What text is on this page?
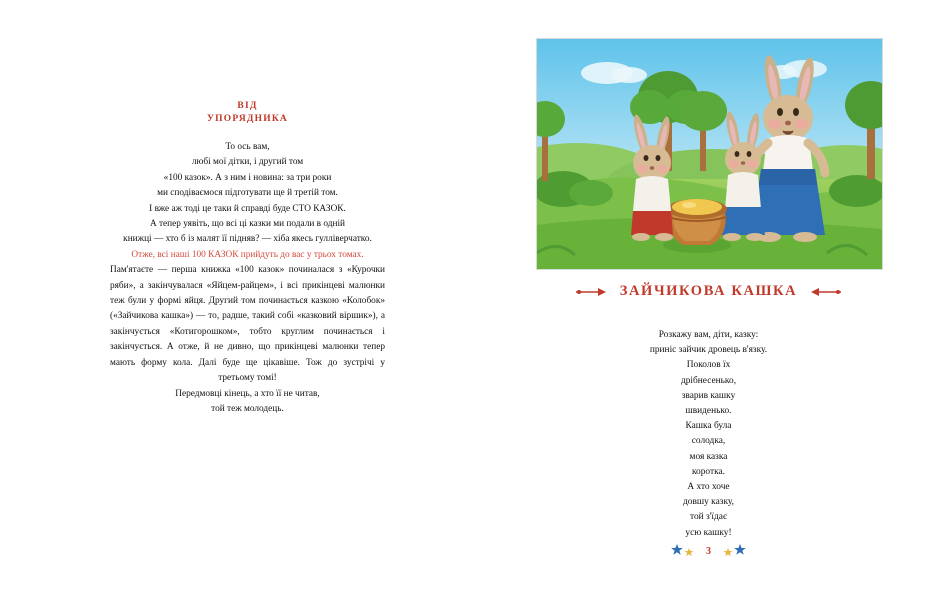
ВІД
УПОРЯДНИКА

То ось вам,

любі мої дітки, і другий том

«100 казок». А з ним і новина: за три роки

ми сподіваємося підготувати ще й третій том.

І вже аж тоді це таки й справді буде СТО КАЗОК.

А тепер уявіть, що всі ці казки ми подали в одній

книжці — хто б із малят її підняв? — хіба якесь гулліверчатко.

Отже, всі наші 100 КАЗОК прийдуть до вас у трьох томах.

Пам'ятаєте — перша книжка «100 казок» починалася з «Курочки ряби», а закінчувалася «Яйцем-райцем», і всі прикінцеві малюнки теж були у формі яйця. Другий том починається казкою «Колобок» («Зайчикова кашка») — то, радше, такий собі «казковий віршик»), а закінчується «Котигорошком», тобто круглим починається і закінчується. А отже, й не дивно, що прикінцеві малюнки тепер мають форму кола. Далі буде ще цікавіше. Тож до зустрічі у третьому томі!

Передмовці кінець, а хто її не читав,

той теж молодець.

ЗАЙЧИКОВА КАШКА
Розкажу вам, діти, казку:
приніс зайчик дровець в'язку.
Поколов їх
дрібнесенько,
зварив кашку
швиденько.
Кашка була
солодка,
моя казка
коротка.
А хто хоче
довшу казку,
той з'їдає
усю кашку!
3
